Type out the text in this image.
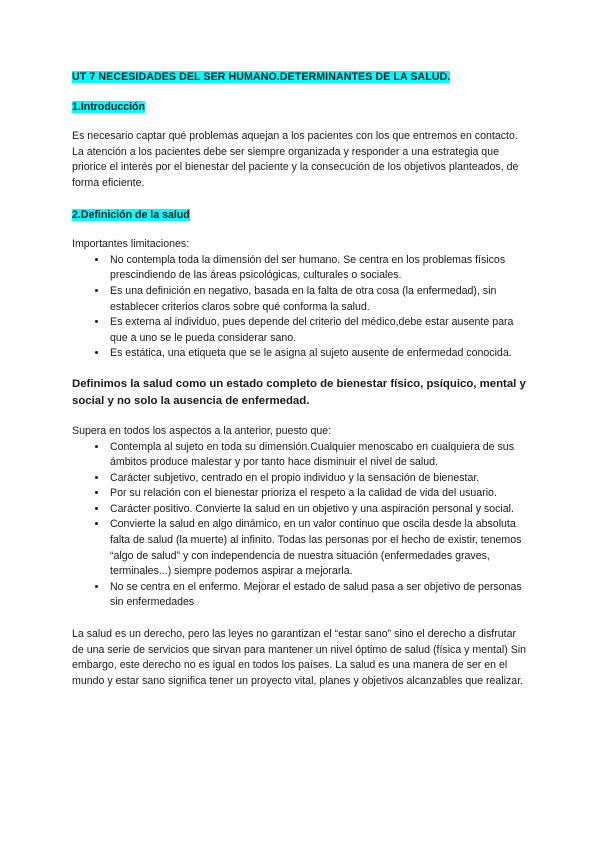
UT 7 NECESIDADES DEL SER HUMANO.DETERMINANTES DE LA SALUD.

1.Introducción

Es necesario captar qué problemas aquejan a los pacientes con los que entremos en contacto.

La atención a los pacientes debe ser siempre organizada y responder a una estrategia que priorice el interés por el bienestar del paciente y la consecución de los objetivos planteados, de forma eficiente.

2.Definición de la salud

Importantes limitaciones:

• No contempla toda la dimensión del ser humano. Se centra en los problemas físicos prescindiendo de las áreas psicológicas, culturales o sociales.
• Es una definición en negativo, basada en la falta de otra cosa (la enfermedad), sin establecer criterios claros sobre qué conforma la salud.
• Es externa al individuo, pues depende del criterio del médico,debe estar ausente para que a uno se le pueda considerar sano.
• Es estática, una etiqueta que se le asigna al sujeto ausente de enfermedad conocida.

Definimos la salud como un estado completo de bienestar físico, psíquico, mental y social y no solo la ausencia de enfermedad.

Supera en todos los aspectos a la anterior, puesto que:

• Contempla al sujeto en toda su dimensión.Cualquier menoscabo en cualquiera de sus ámbitos produce malestar y por tanto hace disminuir el nivel de salud.
• Carácter subjetivo, centrado en el propio individuo y la sensación de bienestar.
• Por su relación con el bienestar prioriza el respeto a la calidad de vida del usuario.
• Carácter positivo. Convierte la salud en un objetivo y una aspiración personal y social.
• Convierte la salud en algo dinámico, en un valor continuo que oscila desde la absoluta falta de salud (la muerte) al infinito. Todas las personas por el hecho de existir, tenemos “algo de salud” y con independencia de nuestra situación (enfermedades graves, terminales...) siempre podemos aspirar a mejorarla.
• No se centra en el enfermo. Mejorar el estado de salud pasa a ser objetivo de personas sin enfermedades

La salud es un derecho, pero las leyes no garantizan el “estar sano” sino el derecho a disfrutar de una serie de servicios que sirvan para mantener un nivel óptimo de salud (física y mental) Sin embargo, este derecho no es igual en todos los países. La salud es una manera de ser en el mundo y estar sano significa tener un proyecto vital, planes y objetivos alcanzables que realizar.
